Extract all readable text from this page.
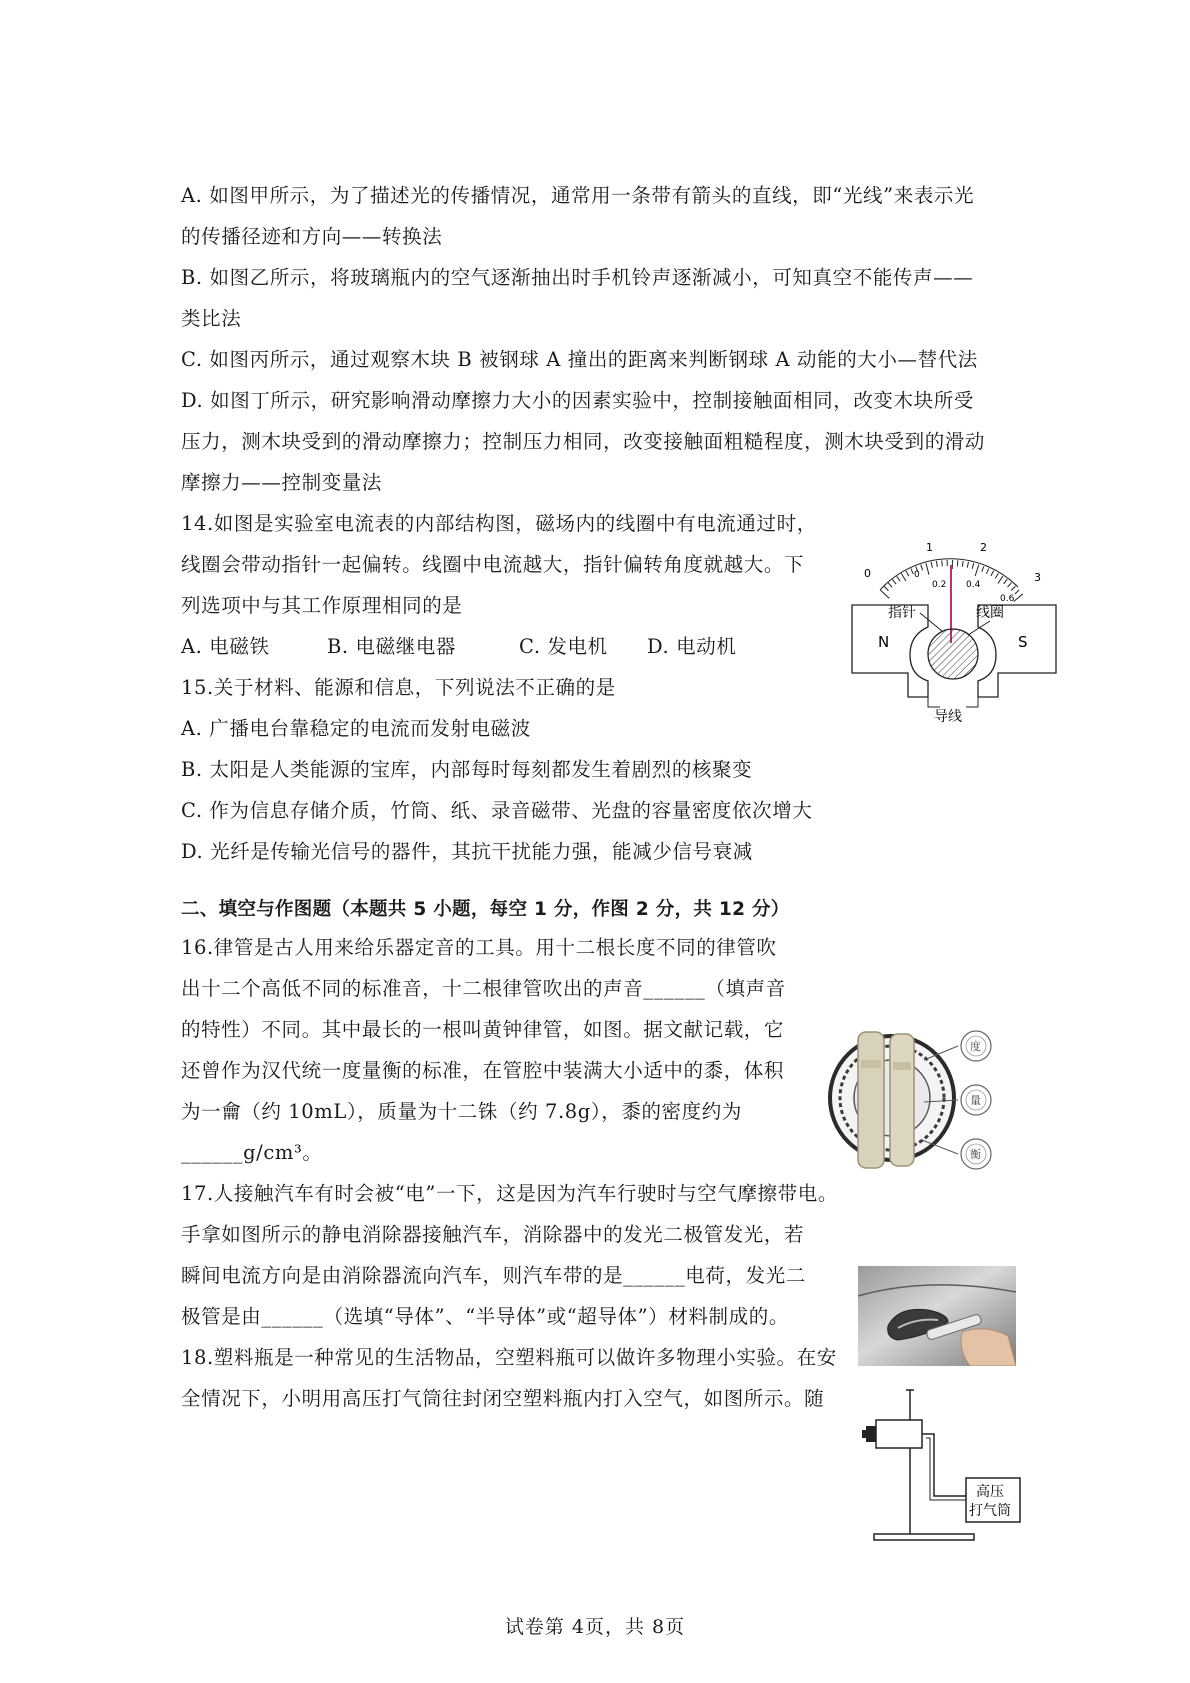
A. 如图甲所示，为了描述光的传播情况，通常用一条带有箭头的直线，即“光线”来表示光
的传播径迹和方向——转换法
B. 如图乙所示，将玻璃瓶内的空气逐渐抽出时手机铃声逐渐减小，可知真空不能传声——
类比法
C. 如图丙所示，通过观察木块 B 被钢球 A 撞出的距离来判断钢球 A 动能的大小—替代法
D. 如图丁所示，研究影响滑动摩擦力大小的因素实验中，控制接触面相同，改变木块所受
压力，测木块受到的滑动摩擦力；控制压力相同，改变接触面粗糙程度，测木块受到的滑动
摩擦力——控制变量法
14.如图是实验室电流表的内部结构图，磁场内的线圈中有电流通过时，
线圈会带动指针一起偏转。线圈中电流越大，指针偏转角度就越大。下
列选项中与其工作原理相同的是
A. 电磁铁	B. 电磁继电器	C. 发电机 D. 电动机
0
1	2
3
0
0.2 0.4
0.6
指针	线圈
N	S
导线
15.关于材料、能源和信息，下列说法不正确的是
A. 广播电台靠稳定的电流而发射电磁波
B. 太阳是人类能源的宝库，内部每时每刻都发生着剧烈的核聚变
C. 作为信息存储介质，竹筒、纸、录音磁带、光盘的容量密度依次增大
D. 光纤是传输光信号的器件，其抗干扰能力强，能减少信号衰减
二、填空与作图题（本题共 5 小题，每空 1 分，作图 2 分，共 12 分）
16.律管是古人用来给乐器定音的工具。用十二根长度不同的律管吹
出十二个高低不同的标准音，十二根律管吹出的声音______（填声音
的特性）不同。其中最长的一根叫黄钟律管，如图。据文献记载，它
还曾作为汉代统一度量衡的标准，在管腔中装满大小适中的黍，体积
为一龠（约 10mL），质量为十二铢（约 7.8g），黍的密度约为
______g/cm³。
度
量
衡
17.人接触汽车有时会被“电”一下，这是因为汽车行驶时与空气摩擦带电。
手拿如图所示的静电消除器接触汽车，消除器中的发光二极管发光，若
瞬间电流方向是由消除器流向汽车，则汽车带的是______电荷，发光二
极管是由______（选填“导体”、“半导体”或“超导体”）材料制成的。
18.塑料瓶是一种常见的生活物品，空塑料瓶可以做许多物理小实验。在安
全情况下，小明用高压打气筒往封闭空塑料瓶内打入空气，如图所示。随
高压
打气筒
试卷第 4页，共 8页
